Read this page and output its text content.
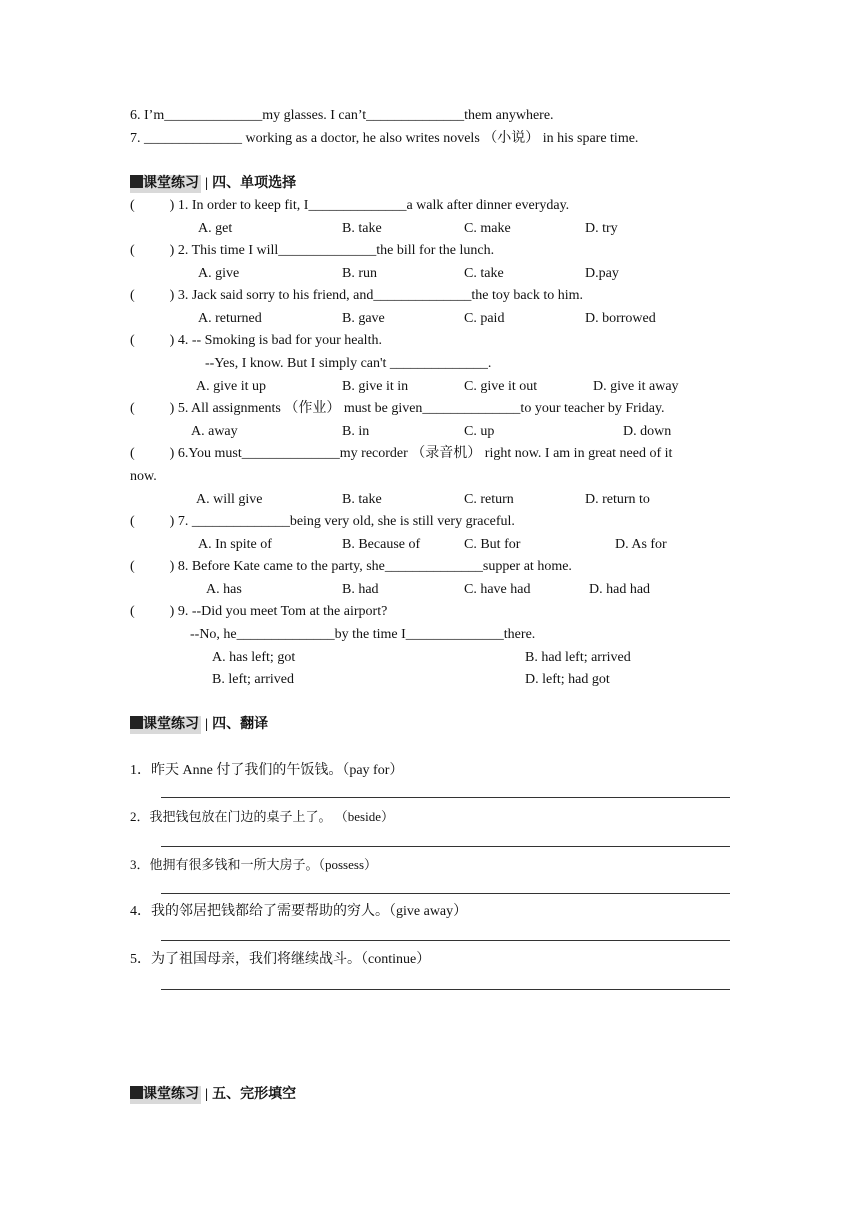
6. I’m______________my glasses. I can’t______________them anywhere.
7. ______________ working as a doctor, he also writes novels （小说） in his spare time.
课堂练习 | 四、单项选择
(          ) 1. In order to keep fit, I______________a walk after dinner everyday.
A. get	B. take	C. make	D. try
(          ) 2. This time I will______________the bill for the lunch.
A. give	B. run	C. take	D.pay
(          ) 3. Jack said sorry to his friend, and______________the toy back to him.
A. returned	B. gave	C. paid	D. borrowed
(          ) 4. -- Smoking is bad for your health.
--Yes, I know. But I simply can't ______________.
A. give it up	B. give it in	C. give it out	D. give it away
(          ) 5. All assignments （作业） must be given______________to your teacher by Friday.
A. away	B. in	C. up	D. down
(          ) 6.You must______________my recorder （录音机） right now. I am in great need of it
now.
A. will give	B. take	C. return	D. return to
(          ) 7. ______________being very old, she is still very graceful.
A. In spite of	B. Because of	C. But for	D. As for
(          ) 8. Before Kate came to the party, she______________supper at home.
A. has	B. had	C. have had	D. had had
(          ) 9. --Did you meet Tom at the airport?
--No, he______________by the time I______________there.
A. has left; got	B. had left; arrived
B. left; arrived	D. left; had got
课堂练习 | 四、翻译
1．昨天 Anne 付了我们的午饭钱。（pay for）
2．我把钱包放在门边的桌子上了。 （beside）
3．他拥有很多钱和一所大房子。（possess）
4．我的邻居把钱都给了需要帮助的穷人。（give away）
5．为了祖国母亲，我们将继续战斗。（continue）
课堂练习 | 五、完形填空
